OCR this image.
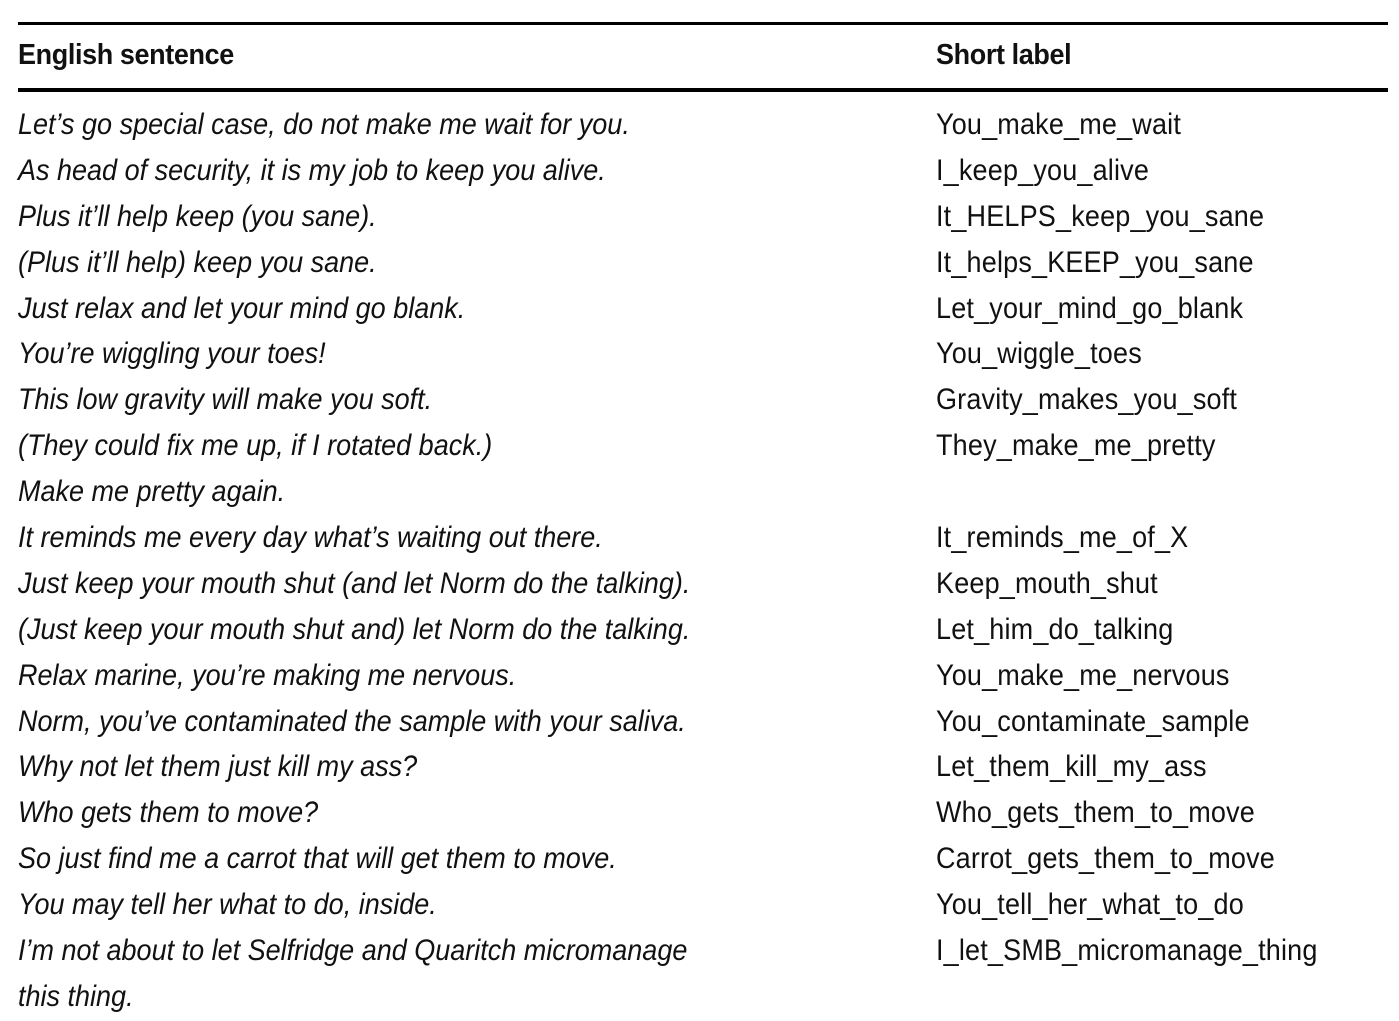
English sentence	Short label
Let’s go special case, do not make me wait for you.	You_make_me_wait
As head of security, it is my job to keep you alive.	I_keep_you_alive
Plus it’ll help keep (you sane).	It_HELPS_keep_you_sane
(Plus it’ll help) keep you sane.	It_helps_KEEP_you_sane
Just relax and let your mind go blank.	Let_your_mind_go_blank
You’re wiggling your toes!	You_wiggle_toes
This low gravity will make you soft.	Gravity_makes_you_soft
(They could fix me up, if I rotated back.)	They_make_me_pretty
Make me pretty again.
It reminds me every day what’s waiting out there.	It_reminds_me_of_X
Just keep your mouth shut (and let Norm do the talking).	Keep_mouth_shut
(Just keep your mouth shut and) let Norm do the talking.	Let_him_do_talking
Relax marine, you’re making me nervous.	You_make_me_nervous
Norm, you’ve contaminated the sample with your saliva.	You_contaminate_sample
Why not let them just kill my ass?	Let_them_kill_my_ass
Who gets them to move?	Who_gets_them_to_move
So just find me a carrot that will get them to move.	Carrot_gets_them_to_move
You may tell her what to do, inside.	You_tell_her_what_to_do
I’m not about to let Selfridge and Quaritch micromanage	I_let_SMB_micromanage_thing
this thing.
